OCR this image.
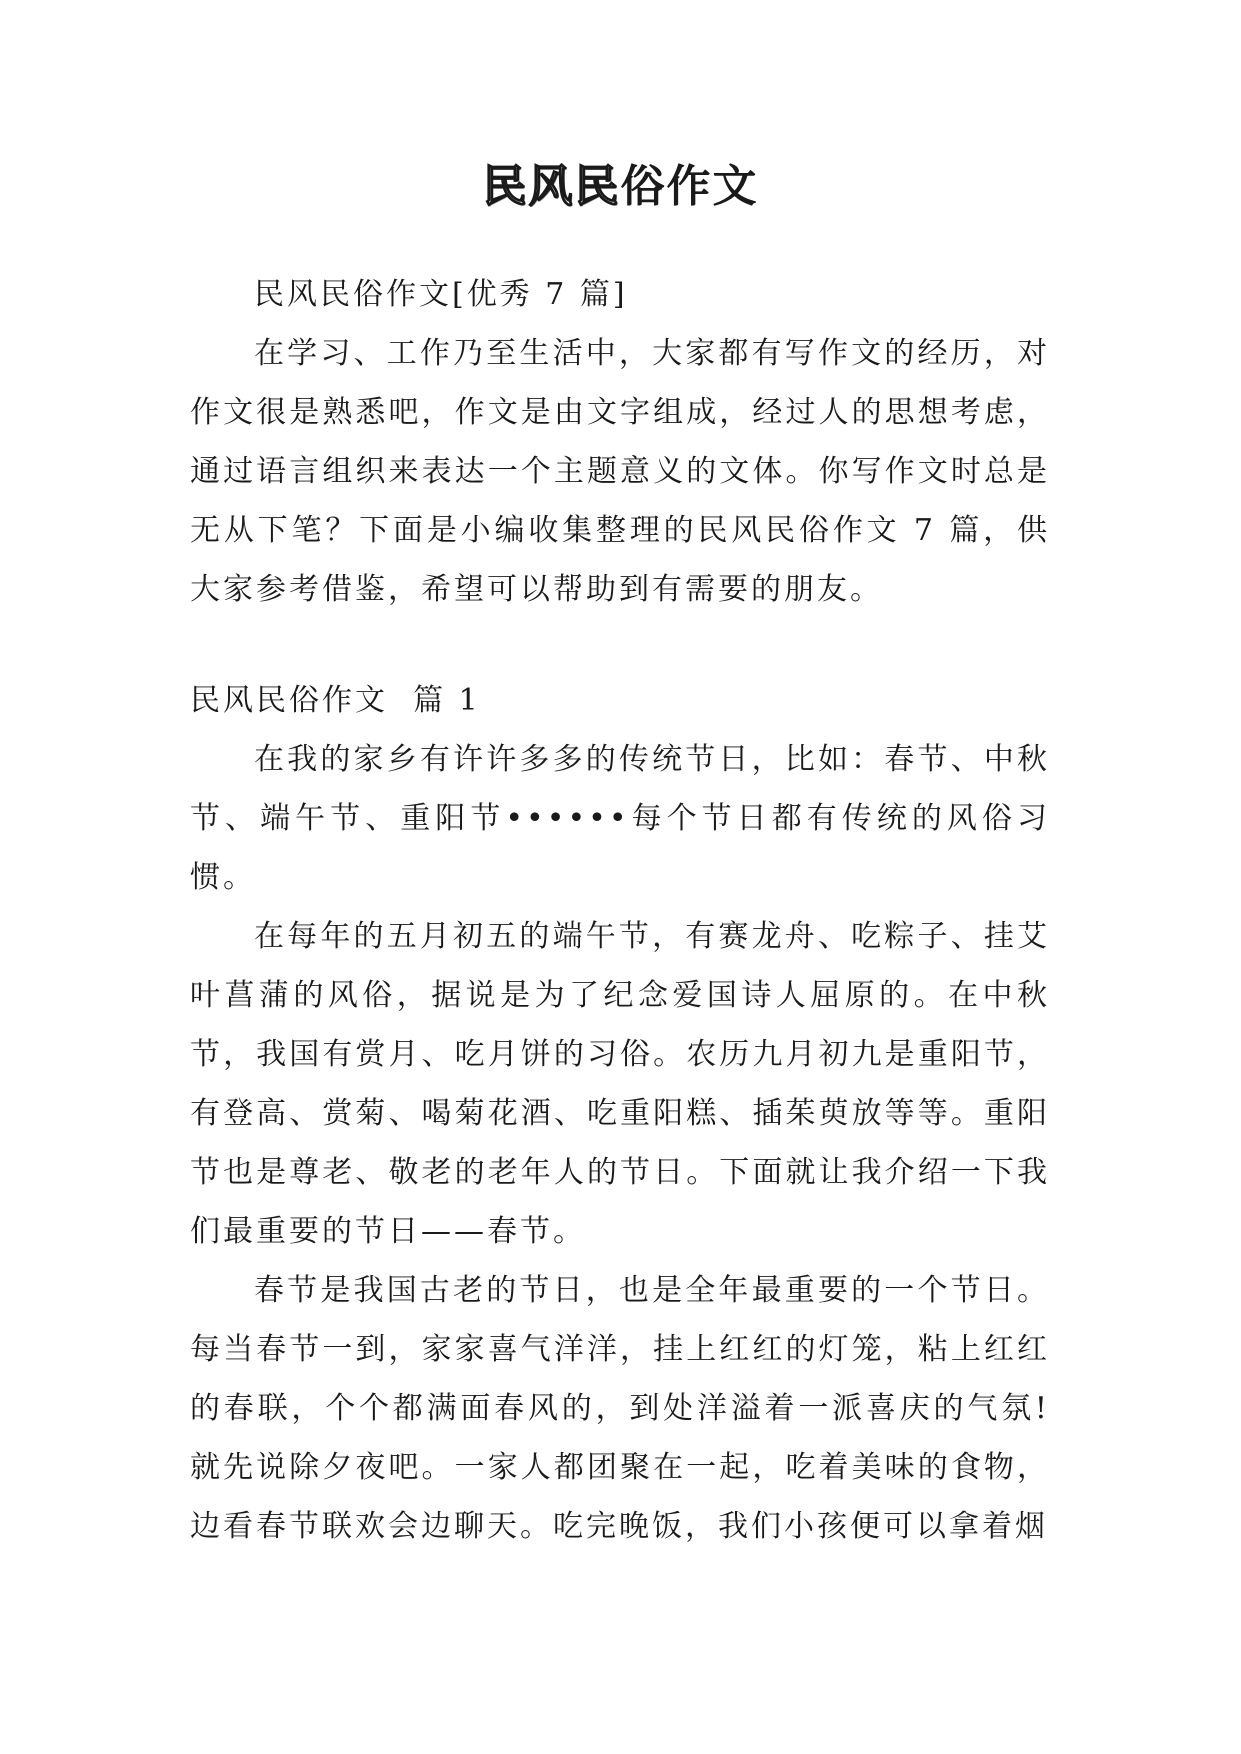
民风民俗作文

民风民俗作文[优秀 7 篇]

在学习、工作乃至生活中，大家都有写作文的经历，对作文很是熟悉吧，作文是由文字组成，经过人的思想考虑，通过语言组织来表达一个主题意义的文体。你写作文时总是无从下笔？下面是小编收集整理的民风民俗作文 7 篇，供大家参考借鉴，希望可以帮助到有需要的朋友。

民风民俗作文  篇 1

在我的家乡有许许多多的传统节日，比如：春节、中秋节、端午节、重阳节••••••每个节日都有传统的风俗习惯。

在每年的五月初五的端午节，有赛龙舟、吃粽子、挂艾叶菖蒲的风俗，据说是为了纪念爱国诗人屈原的。在中秋节，我国有赏月、吃月饼的习俗。农历九月初九是重阳节，有登高、赏菊、喝菊花酒、吃重阳糕、插茱萸放等等。重阳节也是尊老、敬老的老年人的节日。下面就让我介绍一下我们最重要的节日——春节。

春节是我国古老的节日，也是全年最重要的一个节日。每当春节一到，家家喜气洋洋，挂上红红的灯笼，粘上红红的春联，个个都满面春风的，到处洋溢着一派喜庆的气氛!就先说除夕夜吧。一家人都团聚在一起，吃着美味的食物，边看春节联欢会边聊天。吃完晚饭，我们小孩便可以拿着烟
